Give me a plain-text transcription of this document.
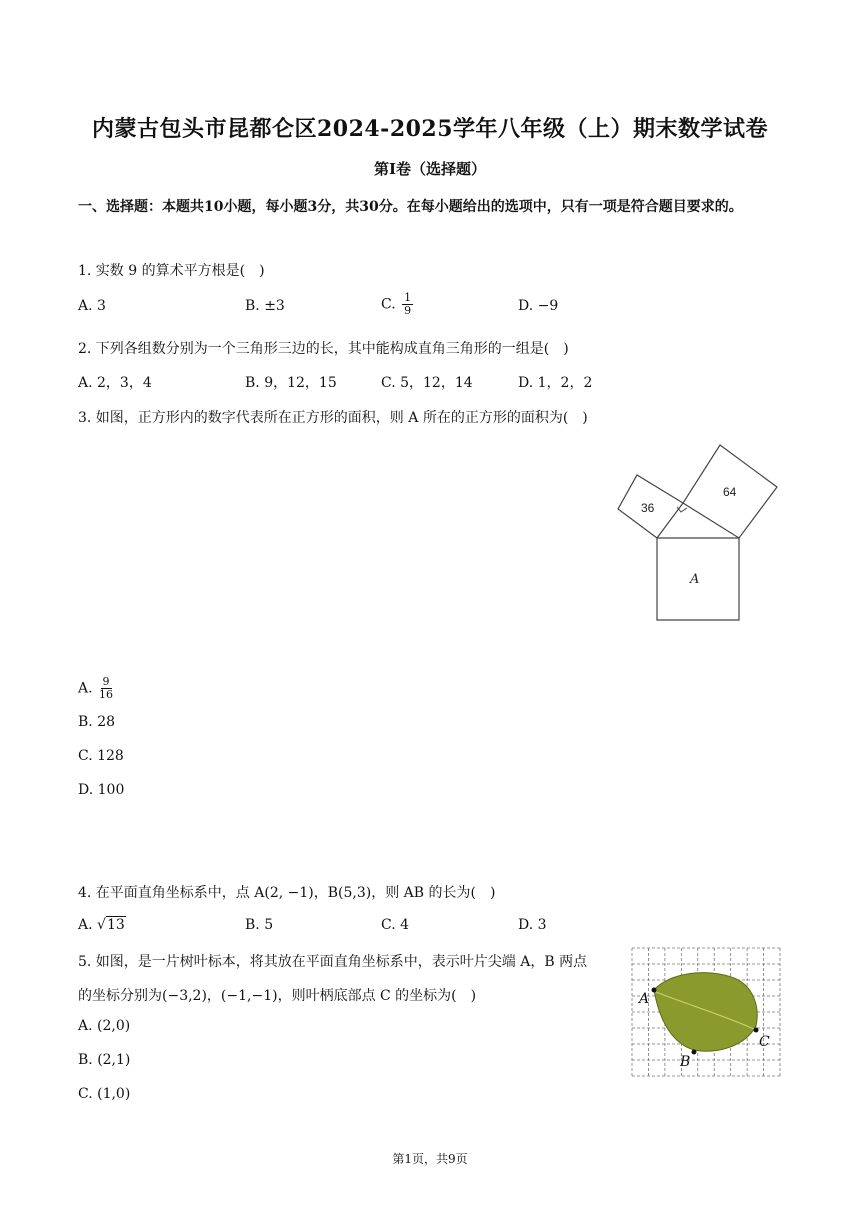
内蒙古包头市昆都仑区2024-2025学年八年级（上）期末数学试卷
第I卷（选择题）
一、选择题：本题共10小题，每小题3分，共30分。在每小题给出的选项中，只有一项是符合题目要求的。
1. 实数 9 的算术平方根是(　)
A. 3	B. ±3	C. $\frac{1}{9}$	D. −9
2. 下列各组数分别为一个三角形三边的长，其中能构成直角三角形的一组是(　)
A. 2，3，4	B. 9，12，15	C. 5，12，14	D. 1，2，2
3. 如图，正方形内的数字代表所在正方形的面积，则 A 所在的正方形的面积为(　)
36
64
A
A. $\frac{9}{16}$
B. 28
C. 128
D. 100
4. 在平面直角坐标系中，点 A(2, −1)，B(5,3)，则 AB 的长为(　)
A. √13	B. 5	C. 4	D. 3
5. 如图，是一片树叶标本，将其放在平面直角坐标系中，表示叶片尖端 A，B 两点
的坐标分别为(−3,2)，(−1,−1)，则叶柄底部点 C 的坐标为(　)	A
B
C
A. (2,0)
B. (2,1)
C. (1,0)
第1页，共9页
